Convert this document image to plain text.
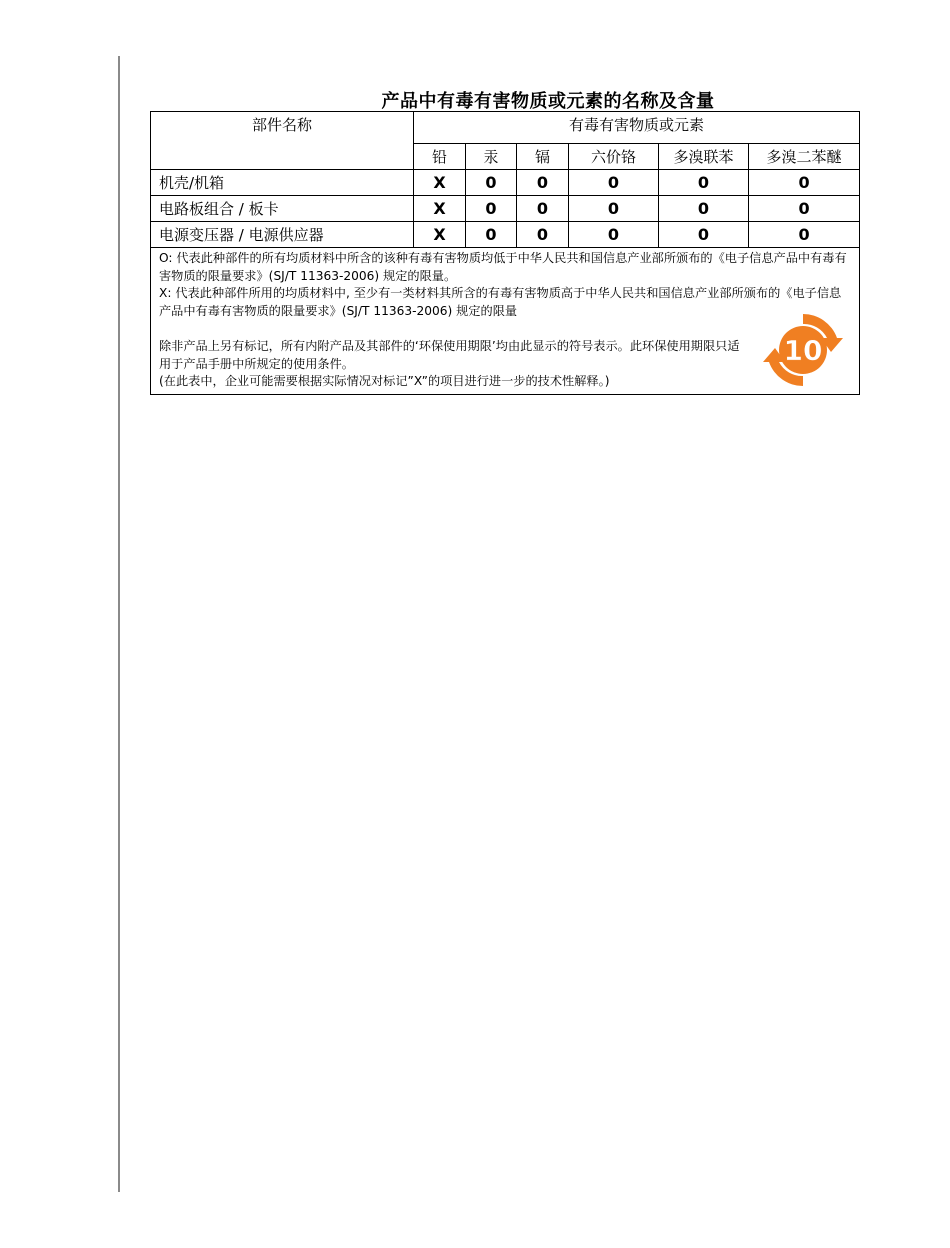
产品中有毒有害物质或元素的名称及含量
部件名称	有毒有害物质或元素					
	铅	汞	镉	六价铬	多溴联苯	多溴二苯醚
机壳/机箱	X	0	0	0	0	0
电路板组合 / 板卡	X	0	0	0	0	0
电源变压器 / 电源供应器	X	0	0	0	0	0

O: 代表此种部件的所有均质材料中所含的该种有毒有害物质均低于中华人民共和国信息产业部所颁布的《电子信息产品中有毒有害物质的限量要求》(SJ/T 11363-2006) 规定的限量。

X: 代表此种部件所用的均质材料中, 至少有一类材料其所含的有毒有害物质高于中华人民共和国信息产业部所颁布的《电子信息产品中有毒有害物质的限量要求》(SJ/T 11363-2006) 规定的限量

除非产品上另有标记，所有内附产品及其部件的‘环保使用期限’均由此显示的符号表示。此环保使用期限只适用于产品手册中所规定的使用条件。

(在此表中，企业可能需要根据实际情况对标记”X”的项目进行进一步的技术性解释。)

10						
